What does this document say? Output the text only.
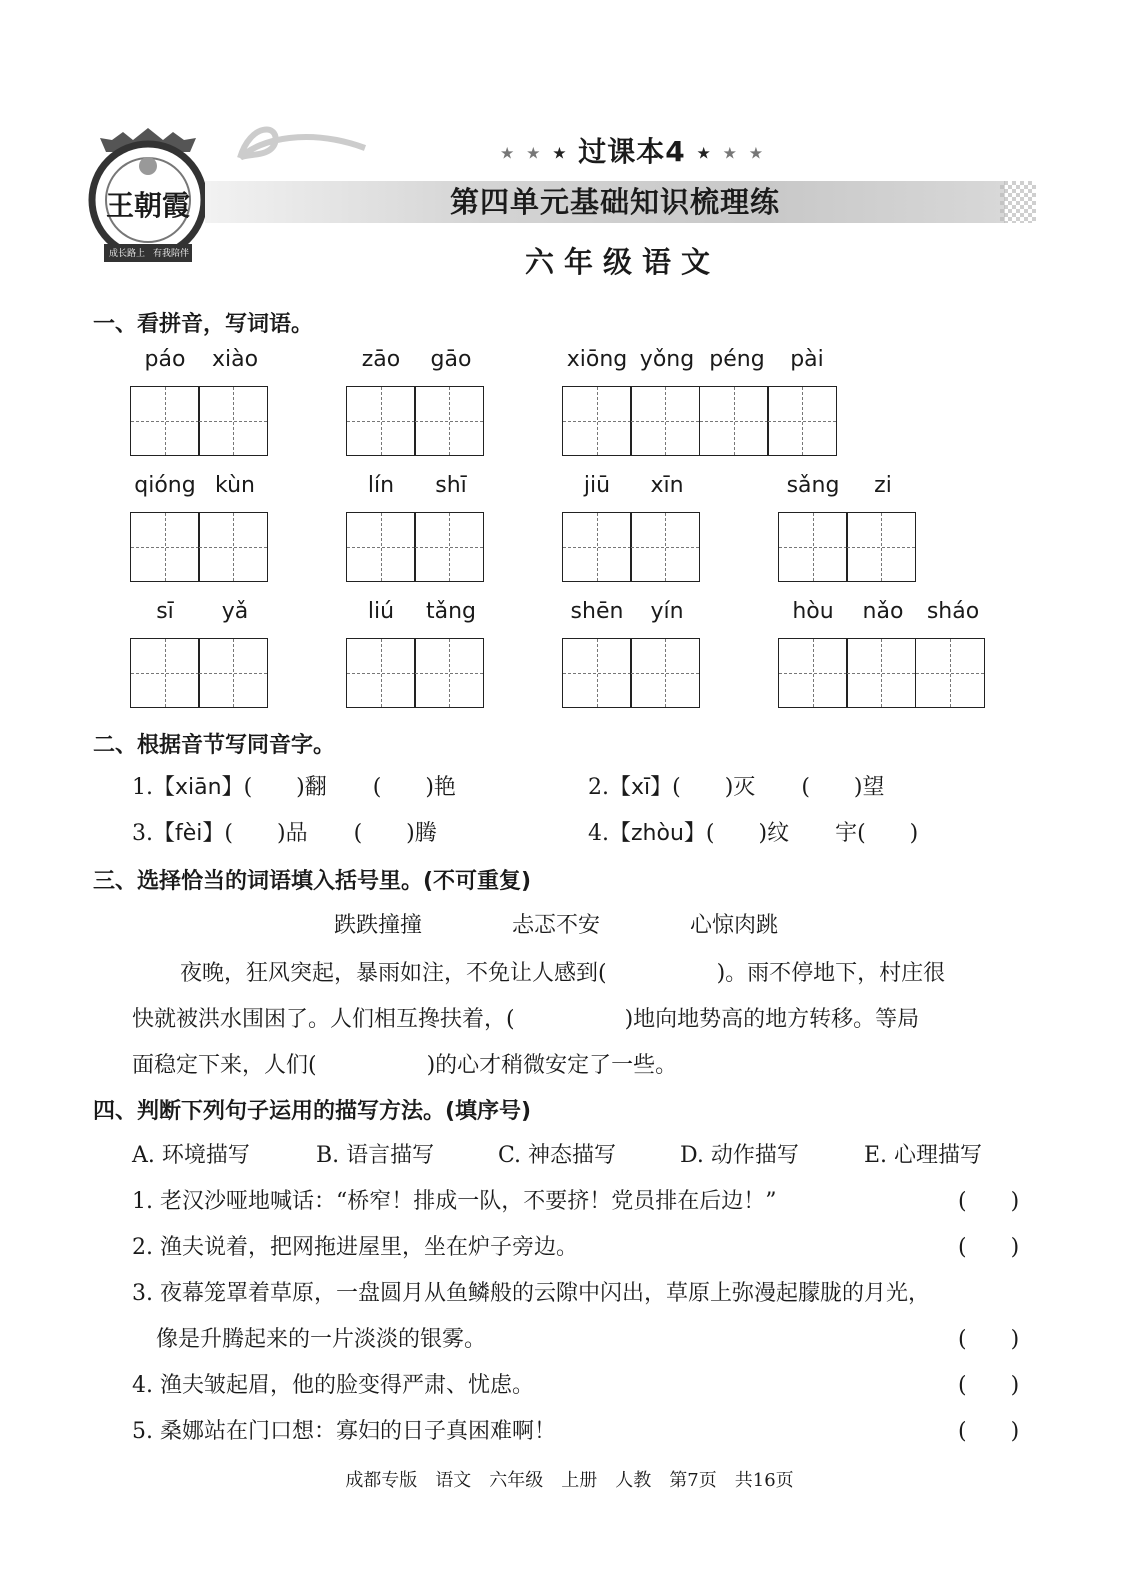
王朝霞
成长路上 有我陪伴
★ ★ ★ 过课本4 ★ ★ ★
第四单元基础知识梳理练
六年级语文
一、看拼音，写词语。
páo	xiào	zāo	gāo	xiōng yǒng péng	pài
qióng kùn	lín	shī	jiū	xīn	sǎng	zi
sī	yǎ	liú	tǎng	shēn	yín	hòu	nǎo	sháo
二、根据音节写同音字。
1.【xiān】(　　)翻 (　　)艳	2.【xī】(　　)灭 (　　)望
3.【fèi】(　　)品 (　　)腾	4.【zhòu】(　　)纹 宇(　　)
三、选择恰当的词语填入括号里。(不可重复)
跌跌撞撞	忐忑不安	心惊肉跳
夜晚，狂风突起，暴雨如注，不免让人感到(　　　　　)。雨不停地下，村庄很
快就被洪水围困了。人们相互搀扶着，(　　　　　)地向地势高的地方转移。等局
面稳定下来，人们(　　　　　)的心才稍微安定了一些。
四、判断下列句子运用的描写方法。(填序号)
A. 环境描写	B. 语言描写	C. 神态描写	D. 动作描写	E. 心理描写
1. 老汉沙哑地喊话：“桥窄！排成一队，不要挤！党员排在后边！”	(　　)
2. 渔夫说着，把网拖进屋里，坐在炉子旁边。	(　　)
3. 夜幕笼罩着草原，一盘圆月从鱼鳞般的云隙中闪出，草原上弥漫起朦胧的月光，
像是升腾起来的一片淡淡的银雾。	(　　)
4. 渔夫皱起眉，他的脸变得严肃、忧虑。	(　　)
5. 桑娜站在门口想：寡妇的日子真困难啊！	(　　)
成都专版　语文　六年级　上册　人教　第7页　共16页
